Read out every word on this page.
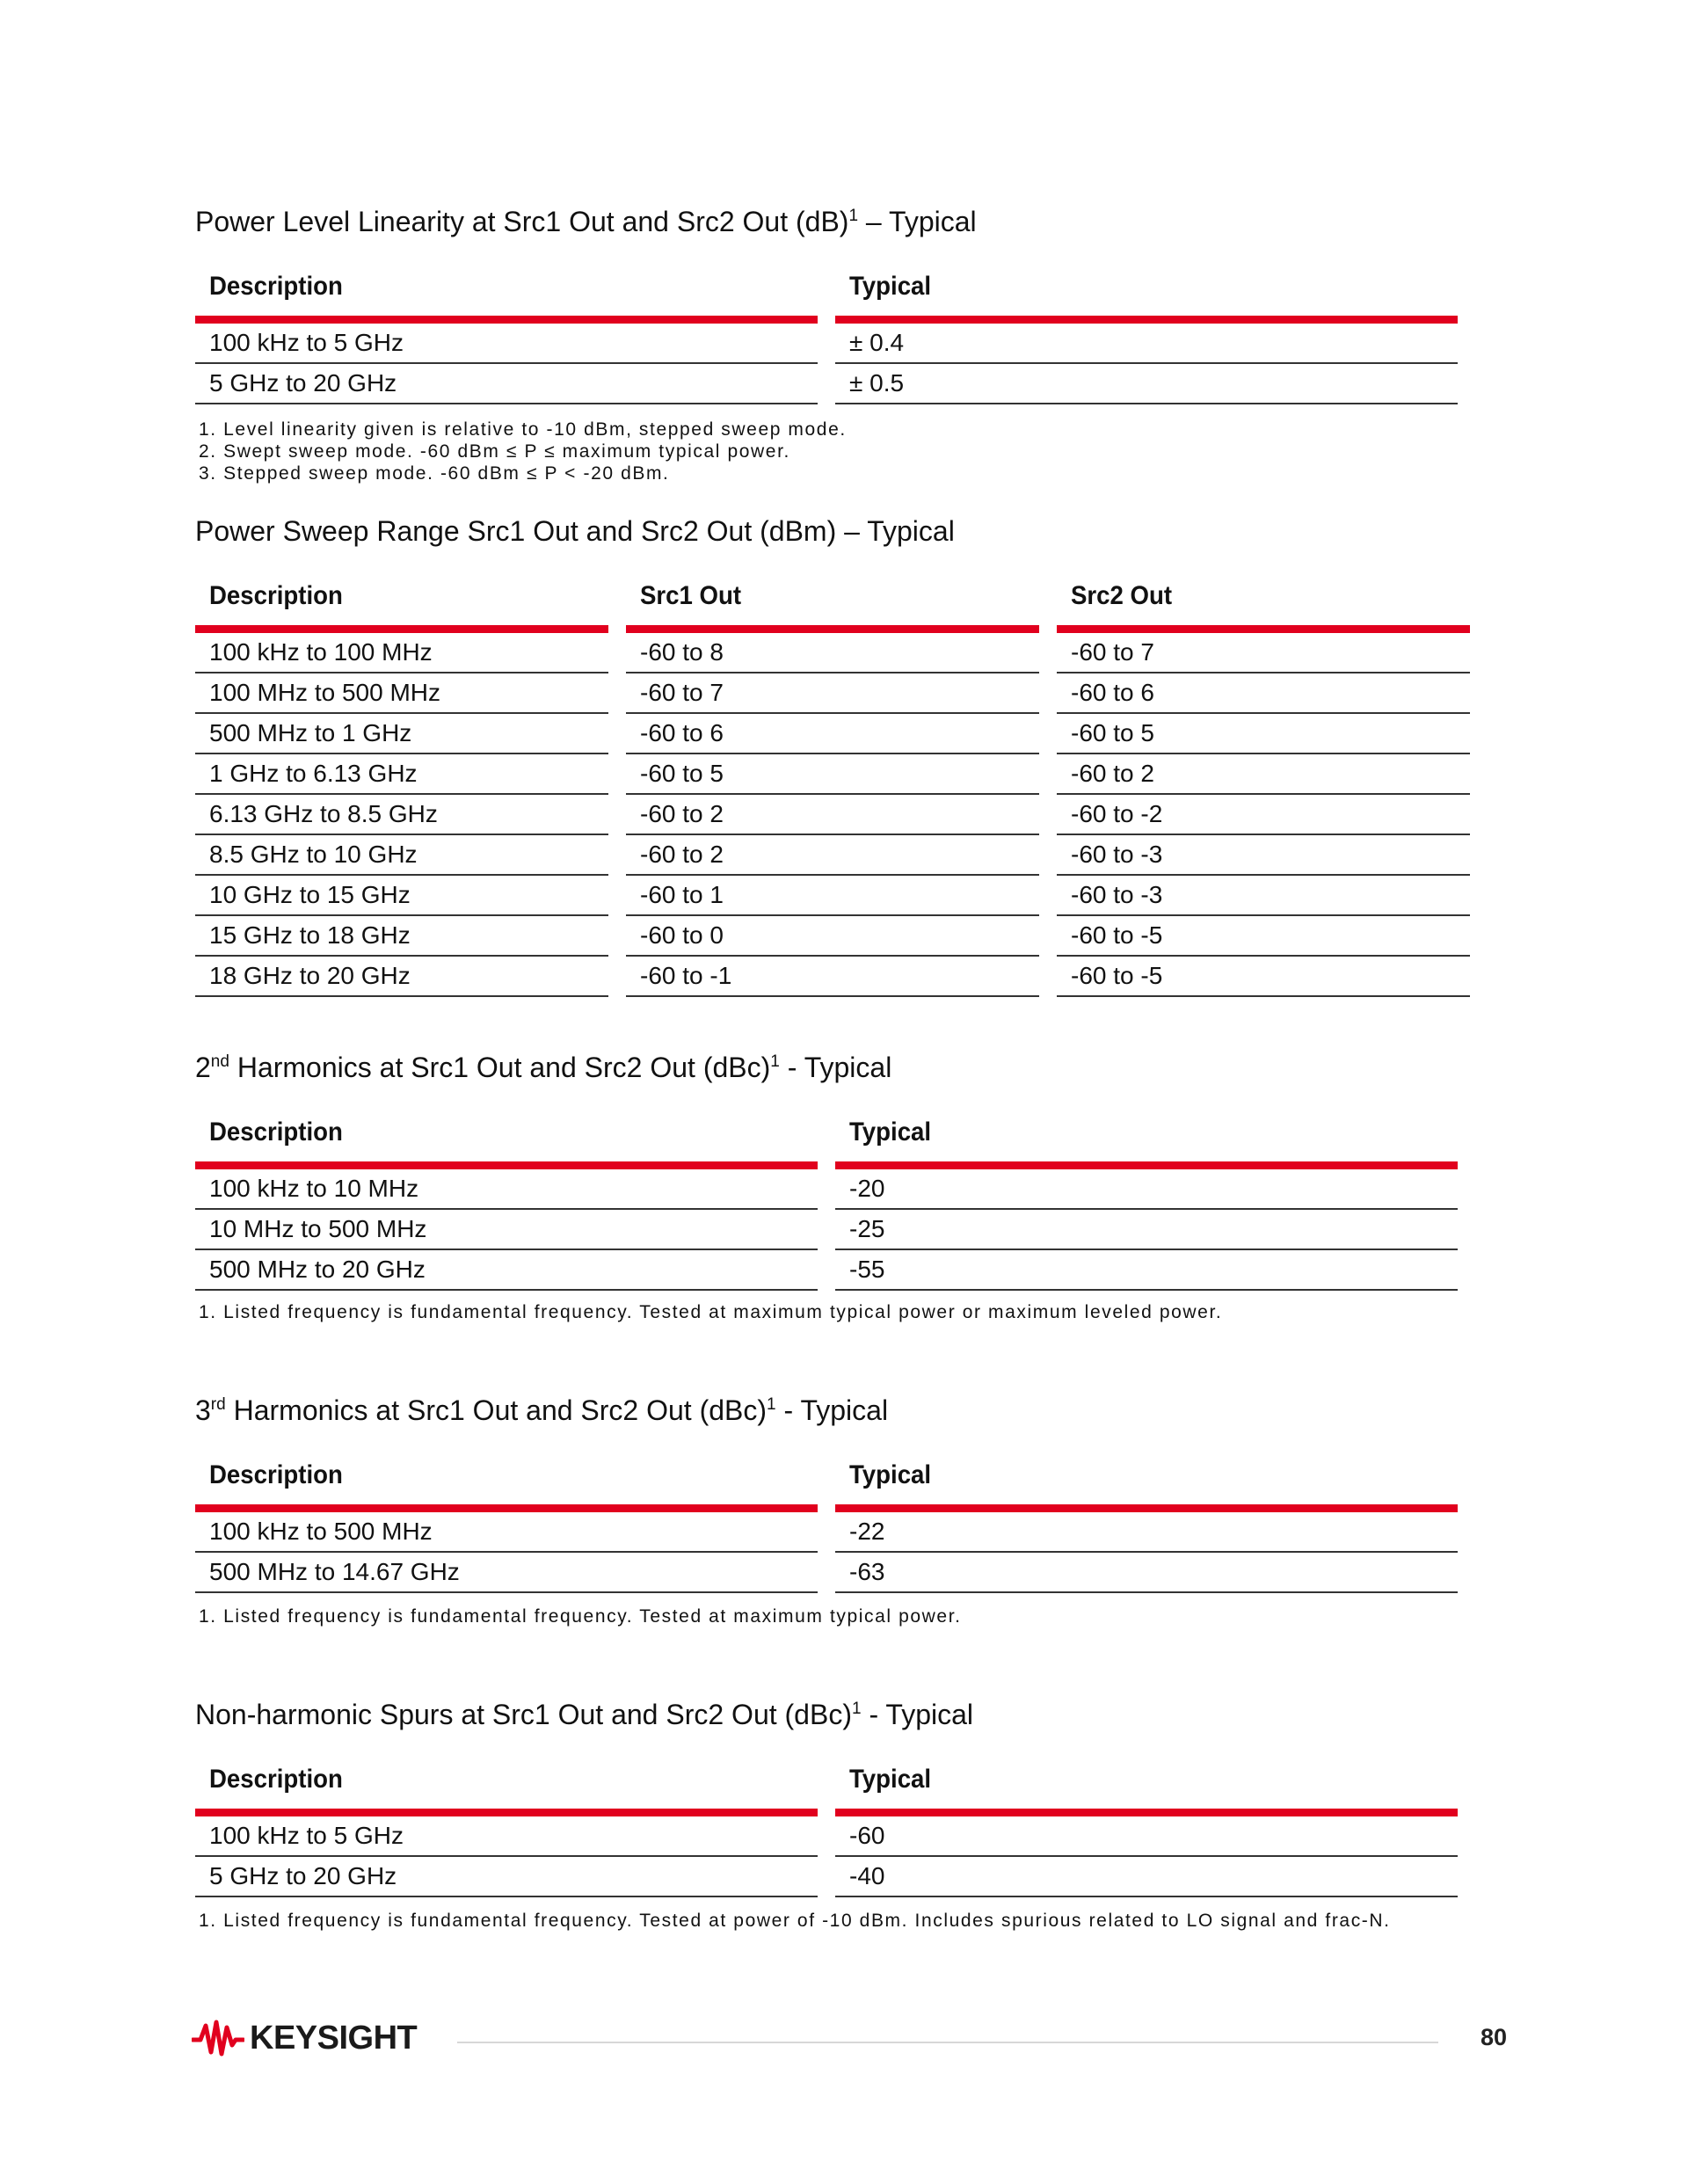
Power Level Linearity at Src1 Out and Src2 Out (dB)$^1$ – Typical
Description	Typical
100 kHz to 5 GHz	± 0.4
5 GHz to 20 GHz	± 0.5
1. Level linearity given is relative to -10 dBm, stepped sweep mode.
2. Swept sweep mode. -60 dBm ≤ P ≤ maximum typical power.
3. Stepped sweep mode. -60 dBm ≤ P < -20 dBm.
Power Sweep Range Src1 Out and Src2 Out (dBm) – Typical
Description	Src1 Out	Src2 Out
100 kHz to 100 MHz	-60 to 8	-60 to 7
100 MHz to 500 MHz	-60 to 7	-60 to 6
500 MHz to 1 GHz	-60 to 6	-60 to 5
1 GHz to 6.13 GHz	-60 to 5	-60 to 2
6.13 GHz to 8.5 GHz	-60 to 2	-60 to -2
8.5 GHz to 10 GHz	-60 to 2	-60 to -3
10 GHz to 15 GHz	-60 to 1	-60 to -3
15 GHz to 18 GHz	-60 to 0	-60 to -5
18 GHz to 20 GHz	-60 to -1	-60 to -5
2nd Harmonics at Src1 Out and Src2 Out (dBc)$^1$ - Typical
Description	Typical
100 kHz to 10 MHz	-20
10 MHz to 500 MHz	-25
500 MHz to 20 GHz	-55
1. Listed frequency is fundamental frequency. Tested at maximum typical power or maximum leveled power.
3rd Harmonics at Src1 Out and Src2 Out (dBc)$^1$ - Typical
Description	Typical
100 kHz to 500 MHz	-22
500 MHz to 14.67 GHz	-63
1. Listed frequency is fundamental frequency. Tested at maximum typical power.
Non-harmonic Spurs at Src1 Out and Src2 Out (dBc)$^1$ - Typical
Description	Typical
100 kHz to 5 GHz	-60
5 GHz to 20 GHz	-40
1. Listed frequency is fundamental frequency. Tested at power of -10 dBm. Includes spurious related to LO signal and frac-N.
KEYSIGHT	80
